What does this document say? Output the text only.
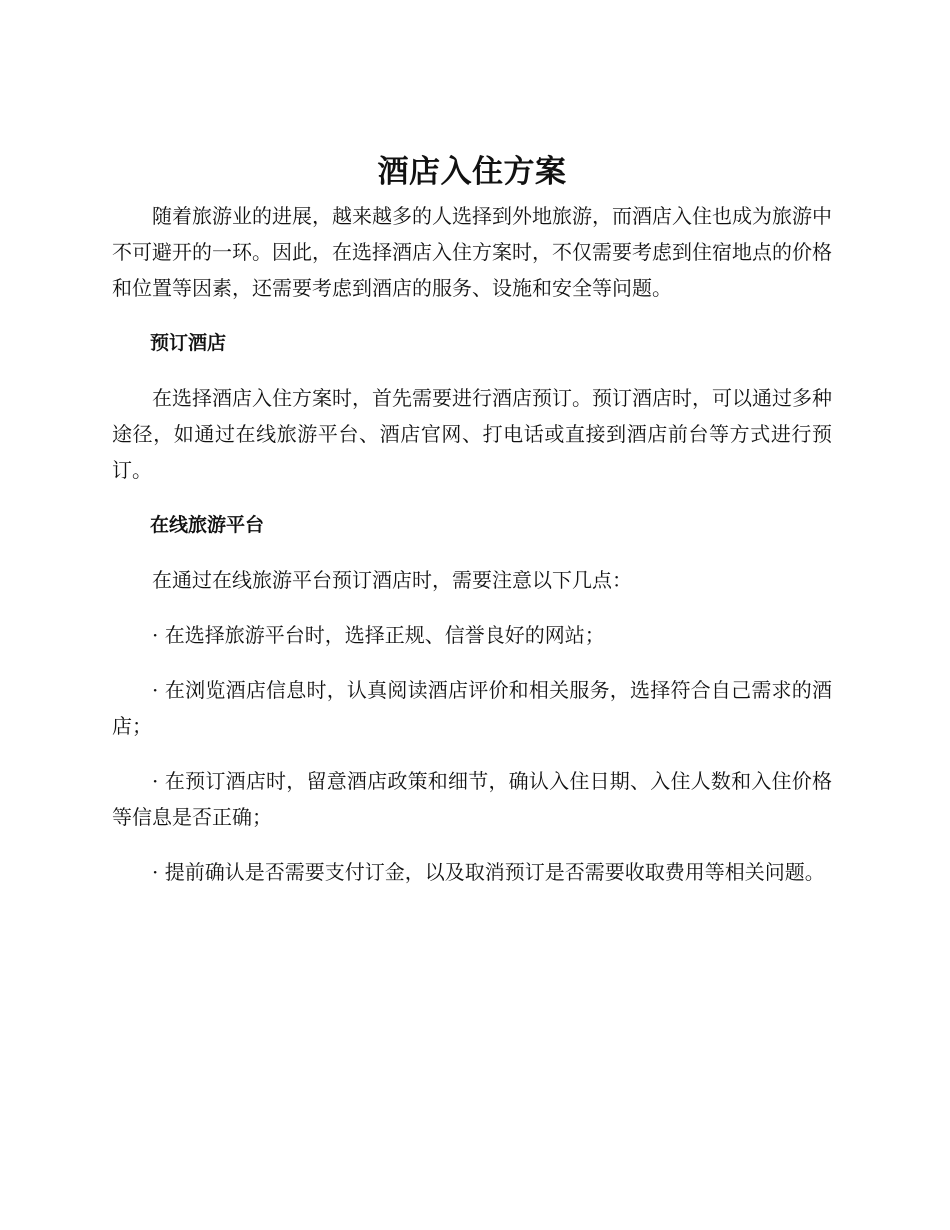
酒店入住方案

随着旅游业的进展，越来越多的人选择到外地旅游，而酒店入住也成为旅游中不可避开的一环。因此，在选择酒店入住方案时，不仅需要考虑到住宿地点的价格和位置等因素，还需要考虑到酒店的服务、设施和安全等问题。

预订酒店

在选择酒店入住方案时，首先需要进行酒店预订。预订酒店时，可以通过多种途径，如通过在线旅游平台、酒店官网、打电话或直接到酒店前台等方式进行预订。

在线旅游平台

在通过在线旅游平台预订酒店时，需要注意以下几点：

· 在选择旅游平台时，选择正规、信誉良好的网站；

· 在浏览酒店信息时，认真阅读酒店评价和相关服务，选择符合自己需求的酒店；

· 在预订酒店时，留意酒店政策和细节，确认入住日期、入住人数和入住价格等信息是否正确；

· 提前确认是否需要支付订金，以及取消预订是否需要收取费用等相关问题。
